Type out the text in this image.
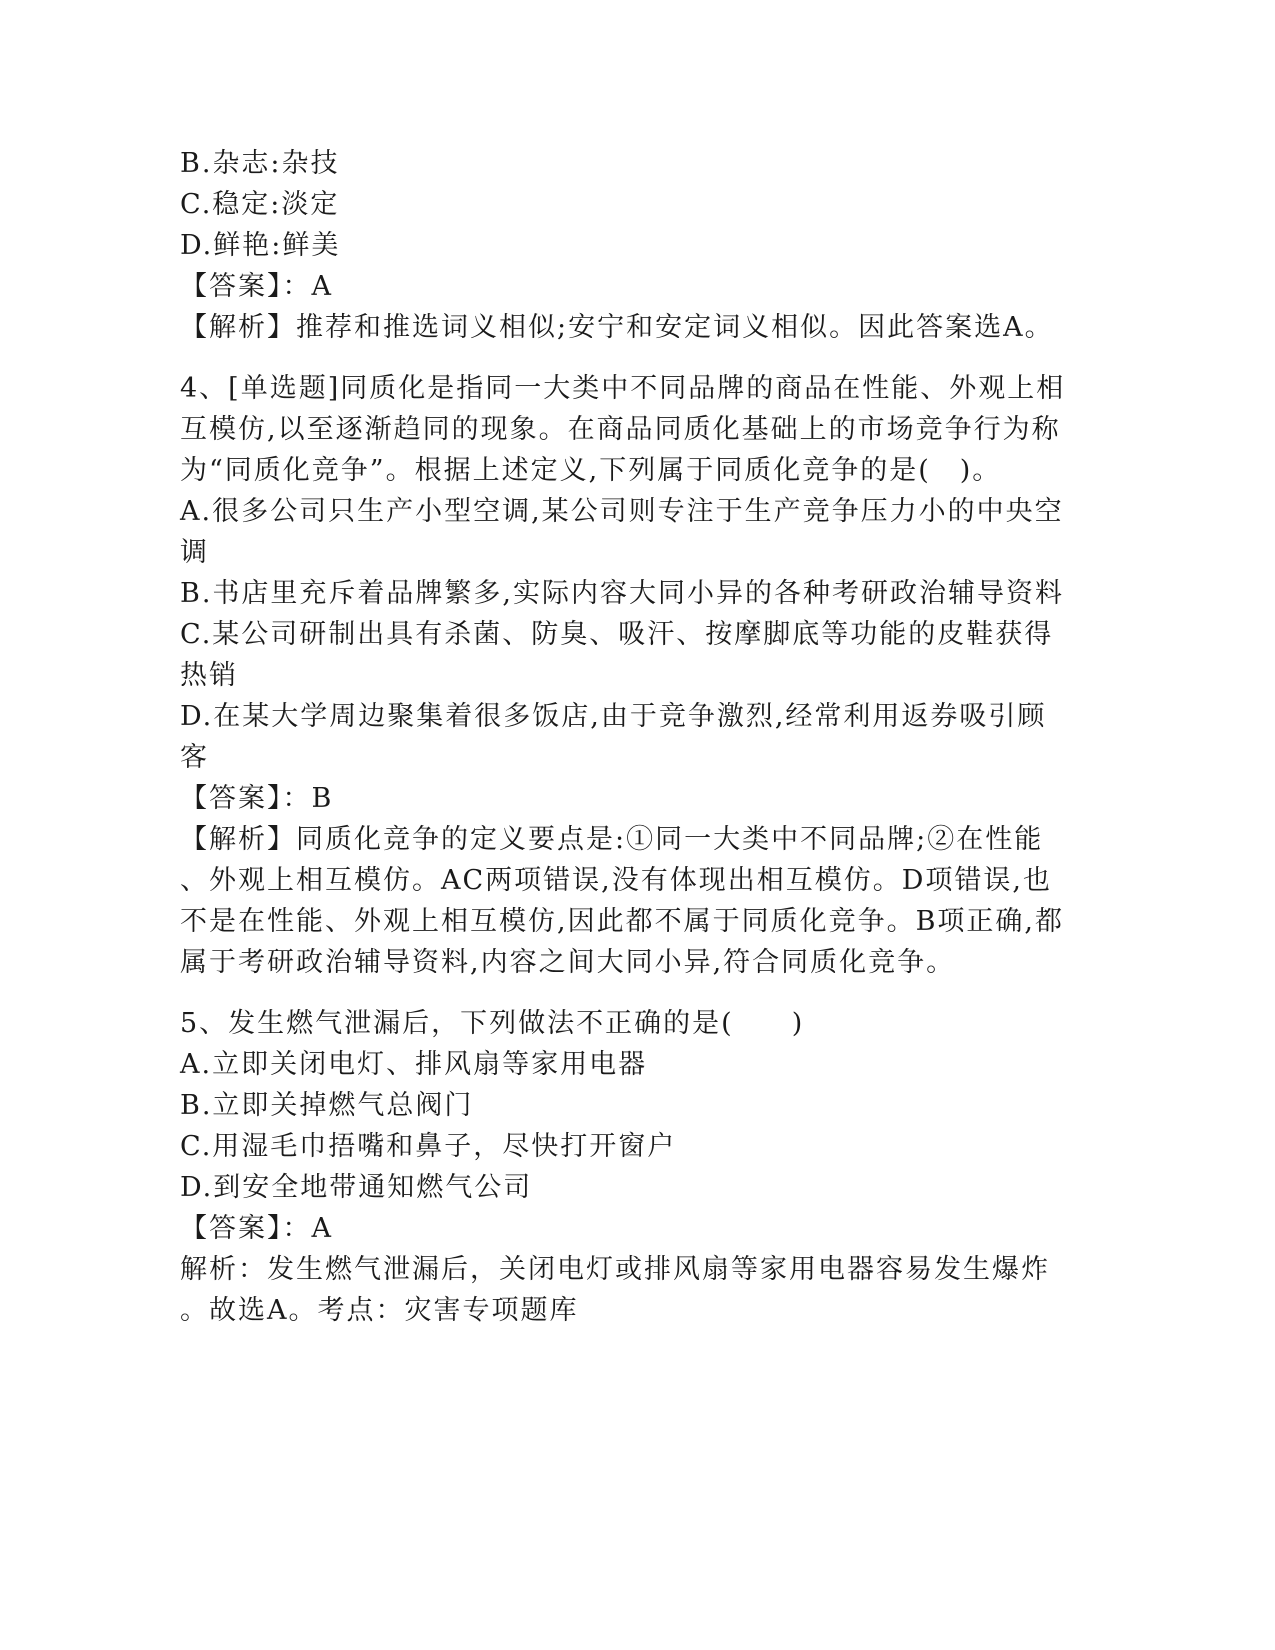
B.杂志:杂技
C.稳定:淡定
D.鲜艳:鲜美
【答案】：A
【解析】推荐和推选词义相似;安宁和安定词义相似。因此答案选A。
4、[单选题]同质化是指同一大类中不同品牌的商品在性能、外观上相
互模仿,以至逐渐趋同的现象。在商品同质化基础上的市场竞争行为称
为“同质化竞争”。根据上述定义,下列属于同质化竞争的是(　)。
A.很多公司只生产小型空调,某公司则专注于生产竞争压力小的中央空
调
B.书店里充斥着品牌繁多,实际内容大同小异的各种考研政治辅导资料
C.某公司研制出具有杀菌、防臭、吸汗、按摩脚底等功能的皮鞋获得
热销
D.在某大学周边聚集着很多饭店,由于竞争激烈,经常利用返券吸引顾
客
【答案】：B
【解析】同质化竞争的定义要点是:①同一大类中不同品牌;②在性能
、外观上相互模仿。AC两项错误,没有体现出相互模仿。D项错误,也
不是在性能、外观上相互模仿,因此都不属于同质化竞争。B项正确,都
属于考研政治辅导资料,内容之间大同小异,符合同质化竞争。
5、发生燃气泄漏后，下列做法不正确的是(　　)
A.立即关闭电灯、排风扇等家用电器
B.立即关掉燃气总阀门
C.用湿毛巾捂嘴和鼻子，尽快打开窗户
D.到安全地带通知燃气公司
【答案】：A
解析：发生燃气泄漏后，关闭电灯或排风扇等家用电器容易发生爆炸
。故选A。考点：灾害专项题库
